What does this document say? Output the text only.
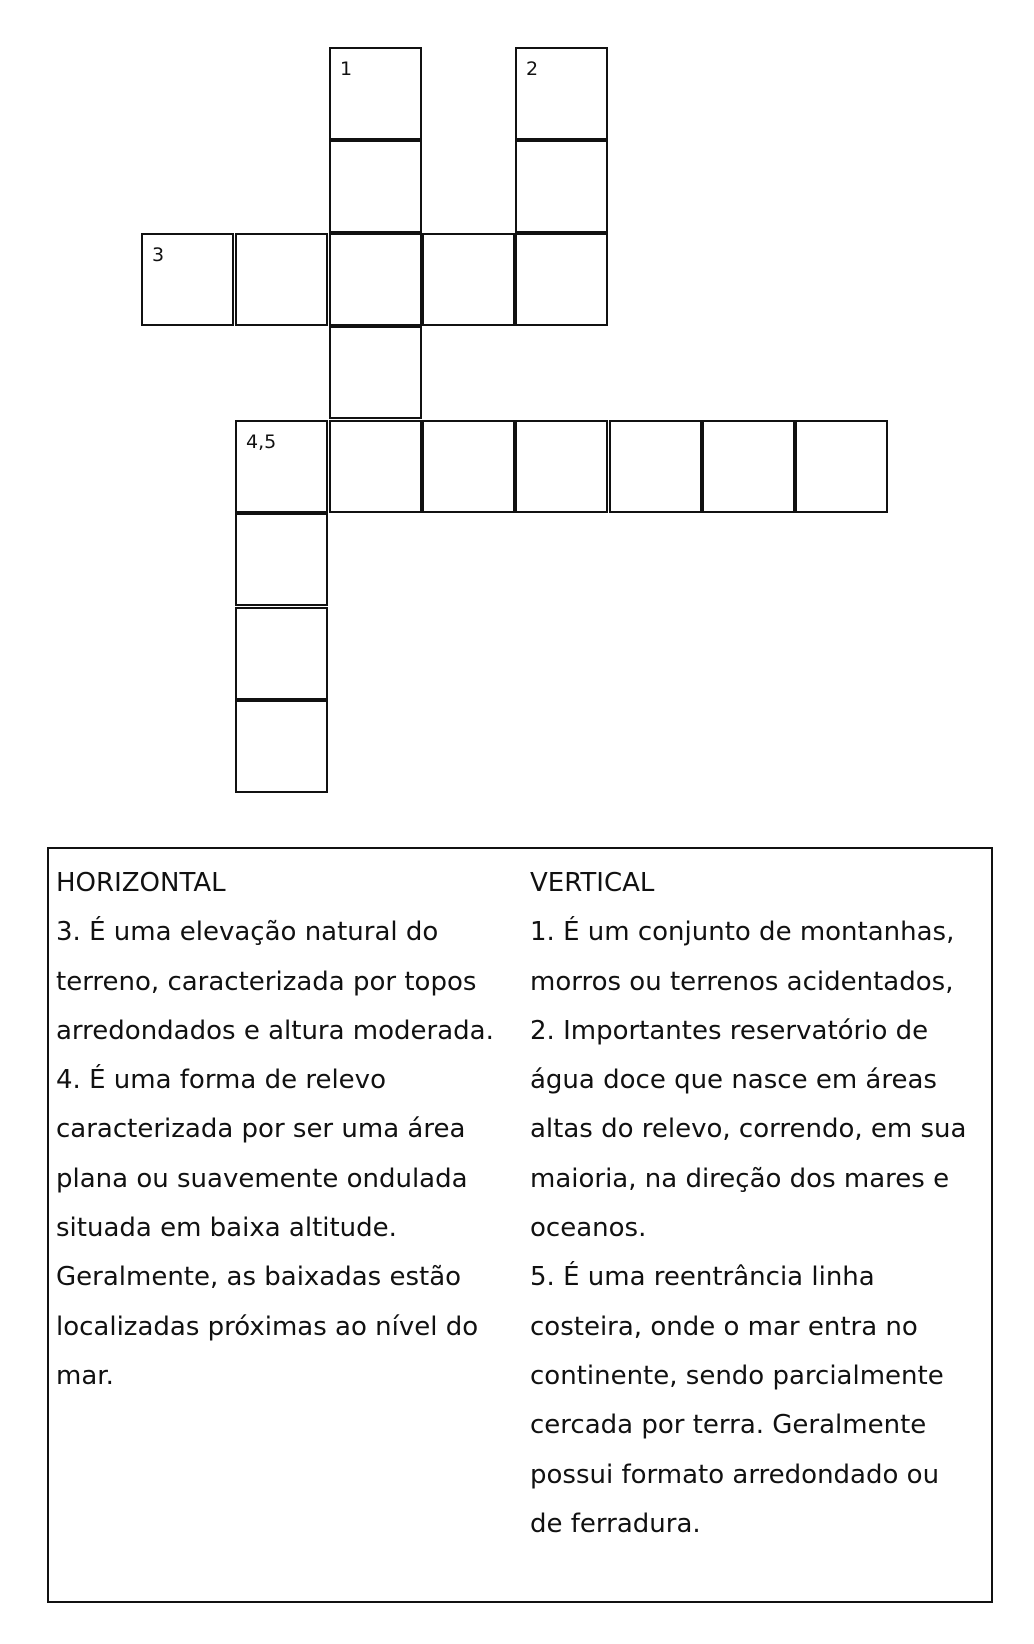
1	2
3
4,5

HORIZONTAL

3. É uma elevação natural do

terreno, caracterizada por topos

arredondados e altura moderada.

4. É uma forma de relevo

caracterizada por ser uma área

plana ou suavemente ondulada

situada em baixa altitude.

Geralmente, as baixadas estão

localizadas próximas ao nível do

mar.

VERTICAL

1. É um conjunto de montanhas,

morros ou terrenos acidentados,

2. Importantes reservatório de

água doce que nasce em áreas

altas do relevo, correndo, em sua

maioria, na direção dos mares e

oceanos.

5. É uma reentrância linha

costeira, onde o mar entra no

continente, sendo parcialmente

cercada por terra. Geralmente

possui formato arredondado ou

de ferradura.
